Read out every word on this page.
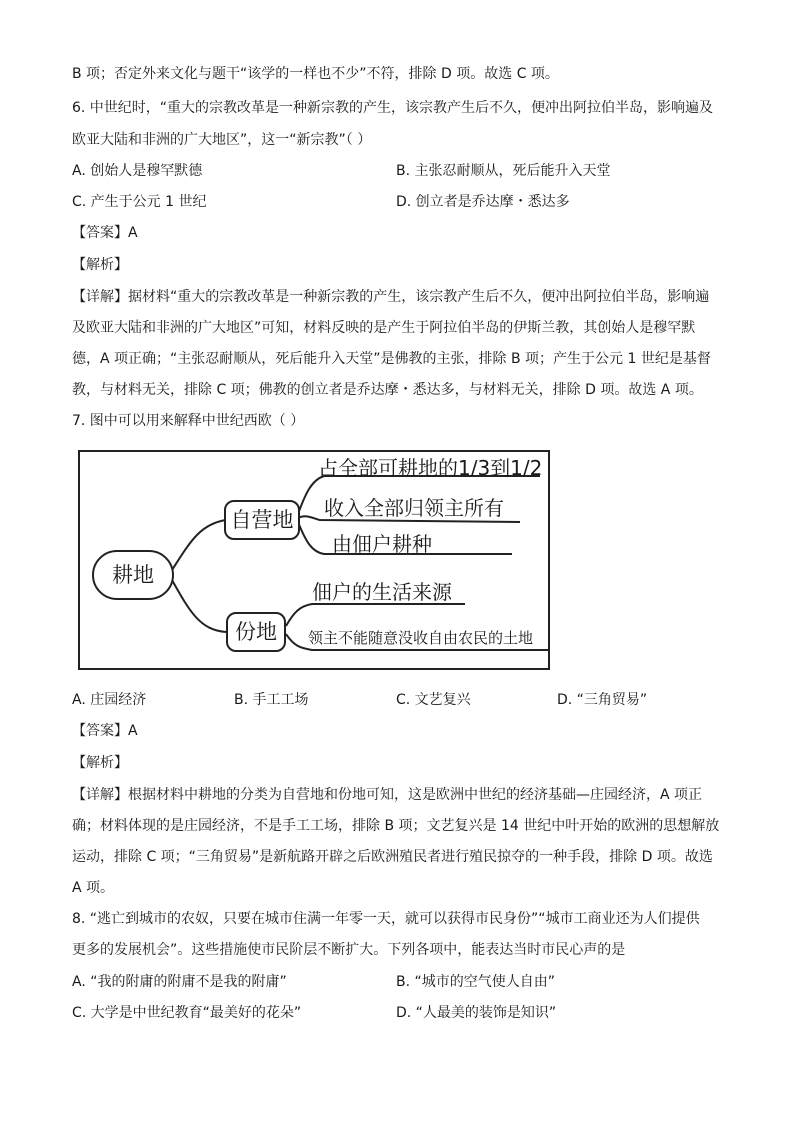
B 项；否定外来文化与题干“该学的一样也不少”不符，排除 D 项。故选 C 项。
6. 中世纪时，“重大的宗教改革是一种新宗教的产生，该宗教产生后不久，便冲出阿拉伯半岛，影响遍及
欧亚大陆和非洲的广大地区”，这一“新宗教”（ ）
A. 创始人是穆罕默德	B. 主张忍耐顺从，死后能升入天堂
C. 产生于公元 1 世纪	D. 创立者是乔达摩・悉达多
【答案】A
【解析】
【详解】据材料“重大的宗教改革是一种新宗教的产生，该宗教产生后不久，便冲出阿拉伯半岛，影响遍
及欧亚大陆和非洲的广大地区”可知，材料反映的是产生于阿拉伯半岛的伊斯兰教，其创始人是穆罕默
德，A 项正确；“主张忍耐顺从，死后能升入天堂”是佛教的主张，排除 B 项；产生于公元 1 世纪是基督
教，与材料无关，排除 C 项；佛教的创立者是乔达摩・悉达多，与材料无关，排除 D 项。故选 A 项。
7. 图中可以用来解释中世纪西欧（ ）
耕地
自营地
份地
占全部可耕地的1/3到1/2
收入全部归领主所有
由佃户耕种
佃户的生活来源
领主不能随意没收自由农民的土地
A. 庄园经济	B. 手工工场	C. 文艺复兴	D. “三角贸易”
【答案】A
【解析】
【详解】根据材料中耕地的分类为自营地和份地可知，这是欧洲中世纪的经济基础—庄园经济，A 项正
确；材料体现的是庄园经济，不是手工工场，排除 B 项；文艺复兴是 14 世纪中叶开始的欧洲的思想解放
运动，排除 C 项；“三角贸易”是新航路开辟之后欧洲殖民者进行殖民掠夺的一种手段，排除 D 项。故选
A 项。
8. “逃亡到城市的农奴，只要在城市住满一年零一天，就可以获得市民身份”“城市工商业还为人们提供
更多的发展机会”。这些措施使市民阶层不断扩大。下列各项中，能表达当时市民心声的是
A. “我的附庸的附庸不是我的附庸”	B. “城市的空气使人自由”
C. 大学是中世纪教育“最美好的花朵”	D. “人最美的装饰是知识”
